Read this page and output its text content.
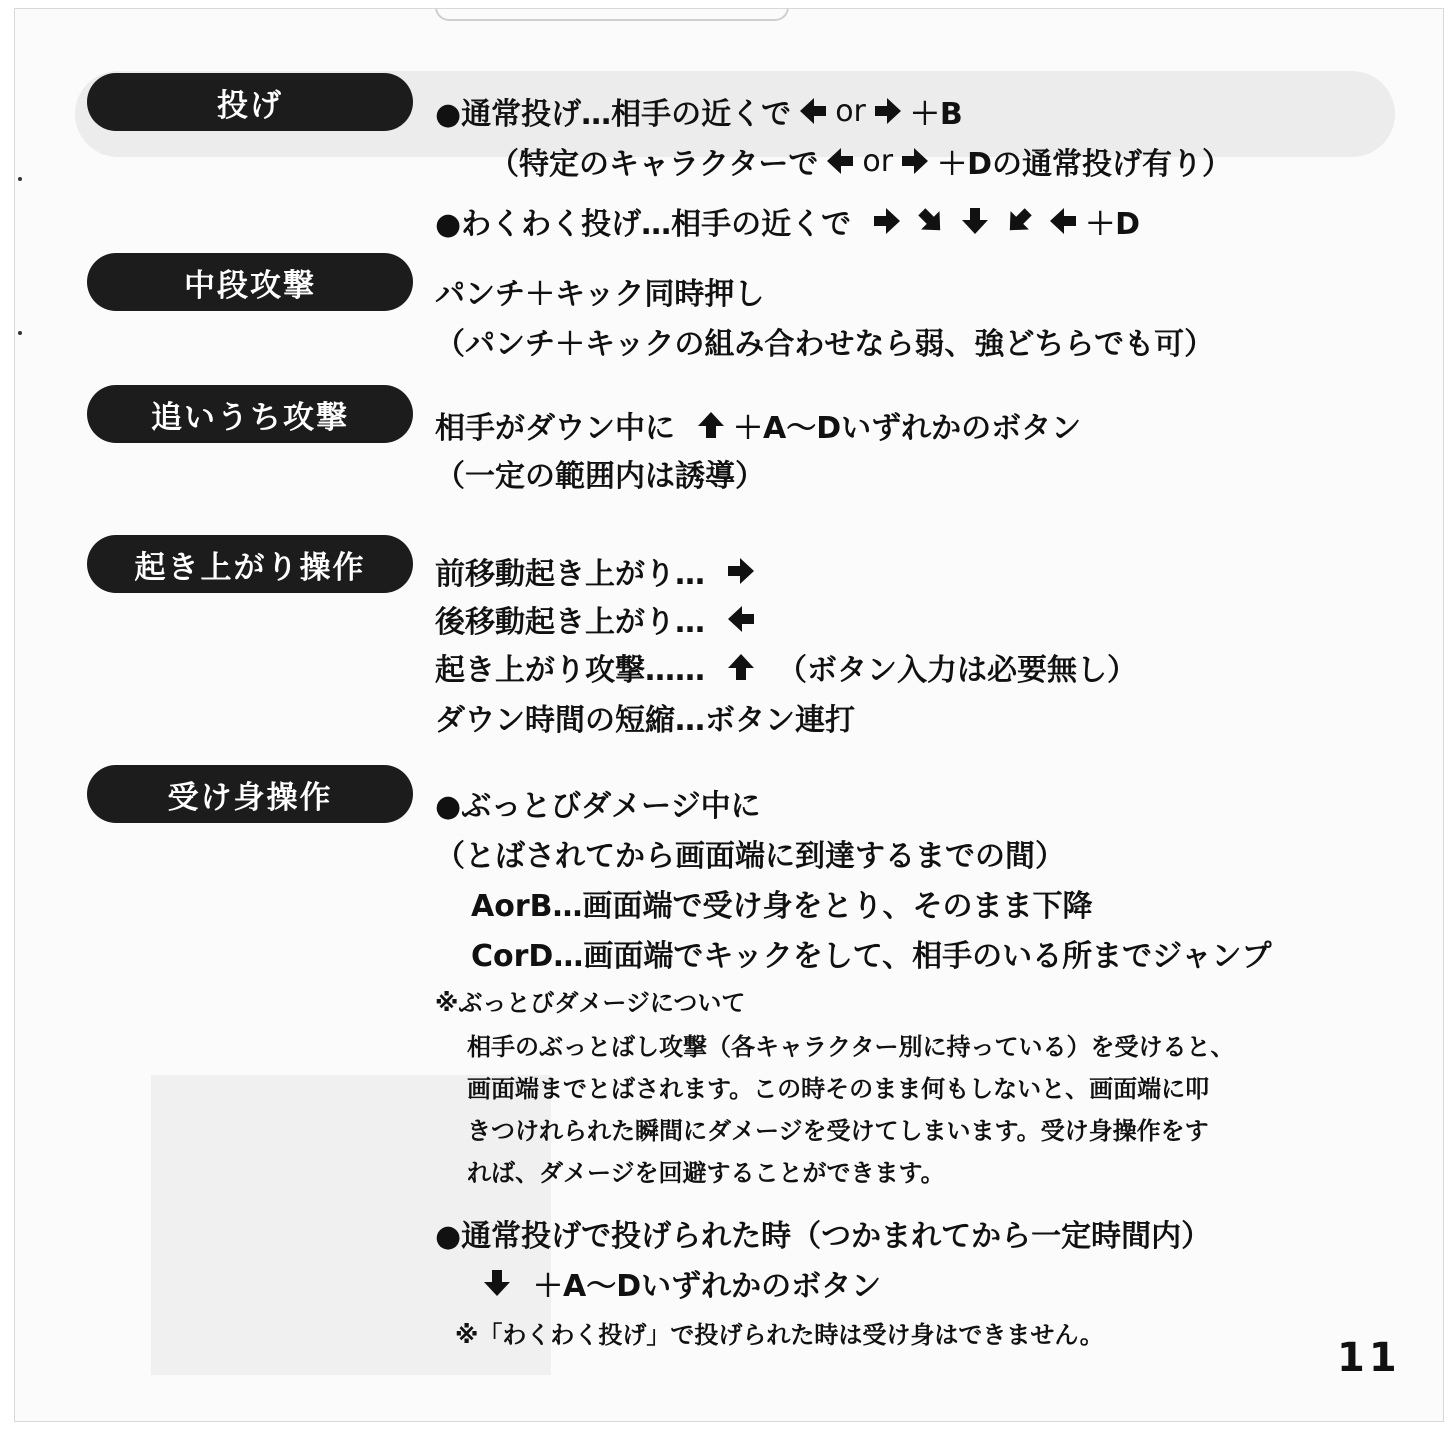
投げ	●通常投げ…相手の近くで or ＋B
（特定のキャラクターで or ＋Dの通常投げ有り）
●わくわく投げ…相手の近くで	＋D
中段攻撃	パンチ＋キック同時押し
（パンチ＋キックの組み合わせなら弱、強どちらでも可）
追いうち攻撃	相手がダウン中に ＋A～Dいずれかのボタン
（一定の範囲内は誘導）
起き上がり操作	前移動起き上がり…
後移動起き上がり…
起き上がり攻撃…… （ボタン入力は必要無し）
ダウン時間の短縮…ボタン連打
受け身操作	●ぶっとびダメージ中に
（とばされてから画面端に到達するまでの間）
AorB…画面端で受け身をとり、そのまま下降
CorD…画面端でキックをして、相手のいる所までジャンプ
※ぶっとびダメージについて
相手のぶっとばし攻撃（各キャラクター別に持っている）を受けると、
画面端までとばされます。この時そのまま何もしないと、画面端に叩
きつけれられた瞬間にダメージを受けてしまいます。受け身操作をす
れば、ダメージを回避することができます。
●通常投げで投げられた時（つかまれてから一定時間内）
＋A～Dいずれかのボタン
※「わくわく投げ」で投げられた時は受け身はできません。	11
